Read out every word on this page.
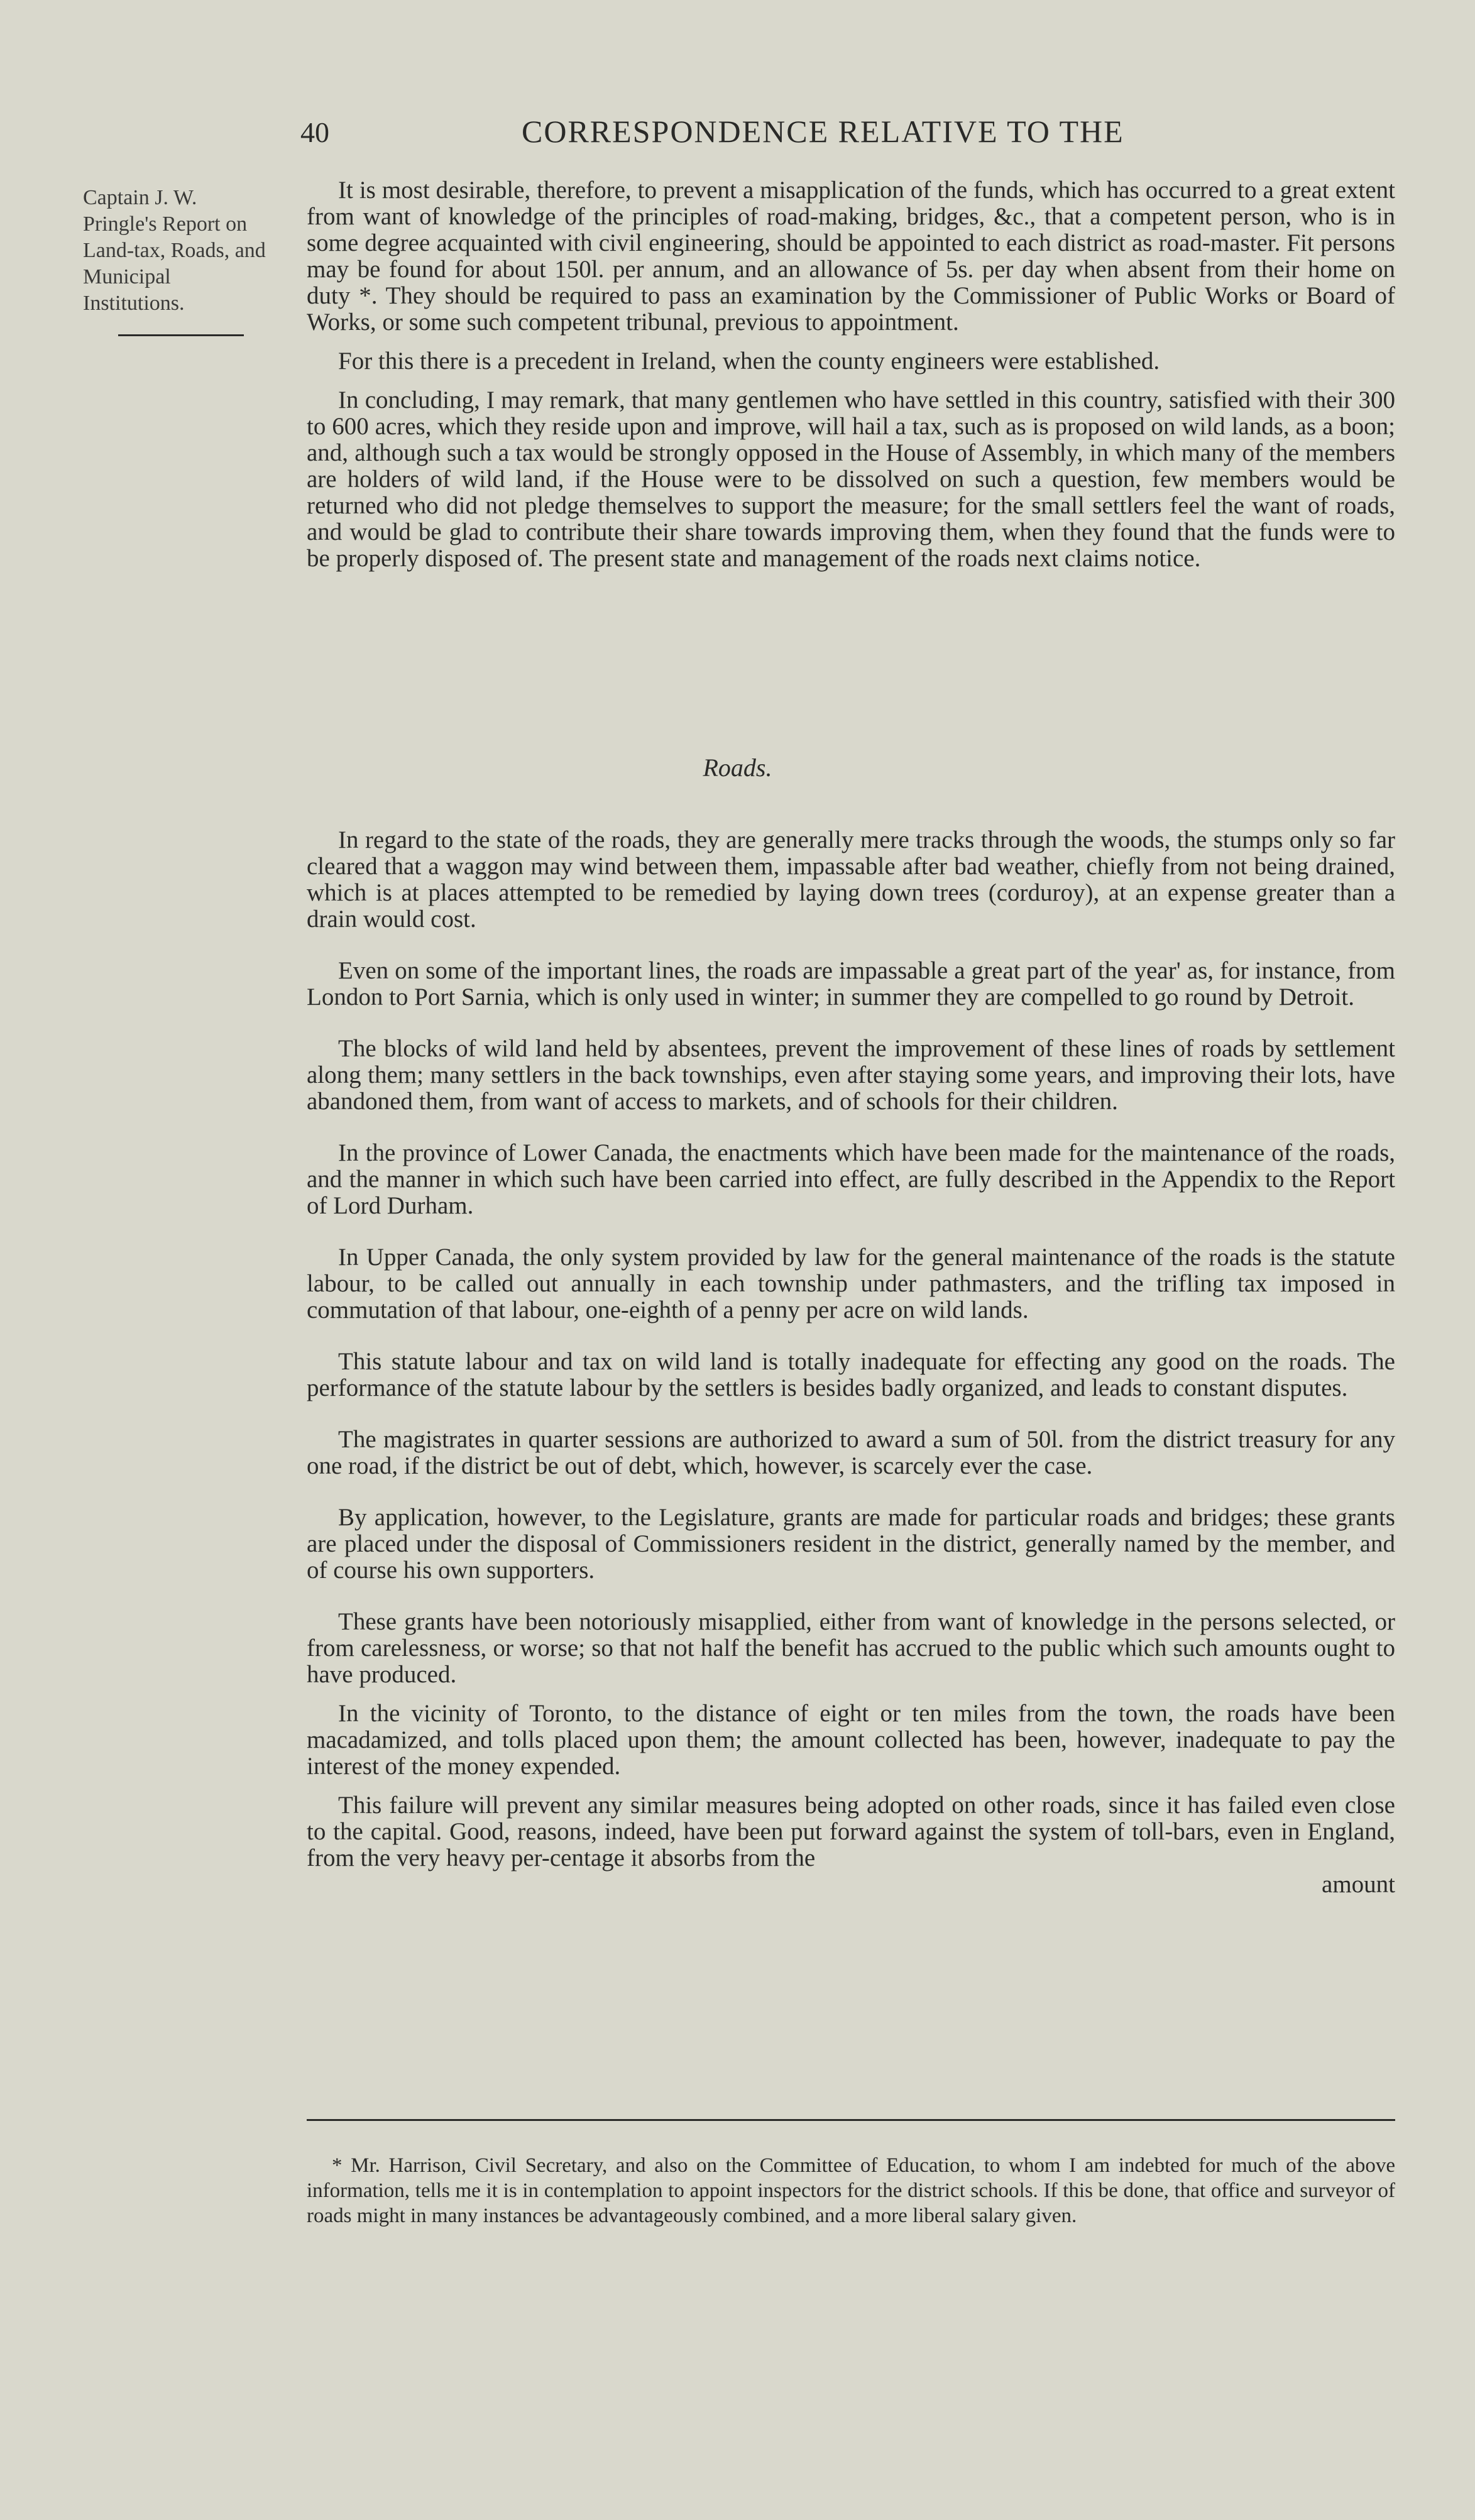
40	CORRESPONDENCE RELATIVE TO THE
Captain J. W. Pringle's Report on Land-tax, Roads, and Municipal Institutions.

It is most desirable, therefore, to prevent a misapplication of the funds, which has occurred to a great extent from want of knowledge of the principles of road-making, bridges, &c., that a competent person, who is in some degree acquainted with civil engineering, should be appointed to each district as road-master. Fit persons may be found for about 150l. per annum, and an allowance of 5s. per day when absent from their home on duty *. They should be required to pass an examination by the Commissioner of Public Works or Board of Works, or some such competent tribunal, previous to appointment.

For this there is a precedent in Ireland, when the county engineers were established.

In concluding, I may remark, that many gentlemen who have settled in this country, satisfied with their 300 to 600 acres, which they reside upon and improve, will hail a tax, such as is proposed on wild lands, as a boon; and, although such a tax would be strongly opposed in the House of Assembly, in which many of the members are holders of wild land, if the House were to be dissolved on such a question, few members would be returned who did not pledge themselves to support the measure; for the small settlers feel the want of roads, and would be glad to contribute their share towards improving them, when they found that the funds were to be properly disposed of. The present state and management of the roads next claims notice.

Roads.

In regard to the state of the roads, they are generally mere tracks through the woods, the stumps only so far cleared that a waggon may wind between them, impassable after bad weather, chiefly from not being drained, which is at places attempted to be remedied by laying down trees (corduroy), at an expense greater than a drain would cost.

Even on some of the important lines, the roads are impassable a great part of the year' as, for instance, from London to Port Sarnia, which is only used in winter; in summer they are compelled to go round by Detroit.

The blocks of wild land held by absentees, prevent the improvement of these lines of roads by settlement along them; many settlers in the back townships, even after staying some years, and improving their lots, have abandoned them, from want of access to markets, and of schools for their children.

In the province of Lower Canada, the enactments which have been made for the maintenance of the roads, and the manner in which such have been carried into effect, are fully described in the Appendix to the Report of Lord Durham.

In Upper Canada, the only system provided by law for the general maintenance of the roads is the statute labour, to be called out annually in each township under pathmasters, and the trifling tax imposed in commutation of that labour, one-eighth of a penny per acre on wild lands.

This statute labour and tax on wild land is totally inadequate for effecting any good on the roads. The performance of the statute labour by the settlers is besides badly organized, and leads to constant disputes.

The magistrates in quarter sessions are authorized to award a sum of 50l. from the district treasury for any one road, if the district be out of debt, which, however, is scarcely ever the case.

By application, however, to the Legislature, grants are made for particular roads and bridges; these grants are placed under the disposal of Commissioners resident in the district, generally named by the member, and of course his own supporters.

These grants have been notoriously misapplied, either from want of knowledge in the persons selected, or from carelessness, or worse; so that not half the benefit has accrued to the public which such amounts ought to have produced.

In the vicinity of Toronto, to the distance of eight or ten miles from the town, the roads have been macadamized, and tolls placed upon them; the amount collected has been, however, inadequate to pay the interest of the money expended.

This failure will prevent any similar measures being adopted on other roads, since it has failed even close to the capital. Good, reasons, indeed, have been put forward against the system of toll-bars, even in England, from the very heavy per-centage it absorbs from the

amount
* Mr. Harrison, Civil Secretary, and also on the Committee of Education, to whom I am indebted for much of the above information, tells me it is in contemplation to appoint inspectors for the district schools. If this be done, that office and surveyor of roads might in many instances be advantageously combined, and a more liberal salary given.
